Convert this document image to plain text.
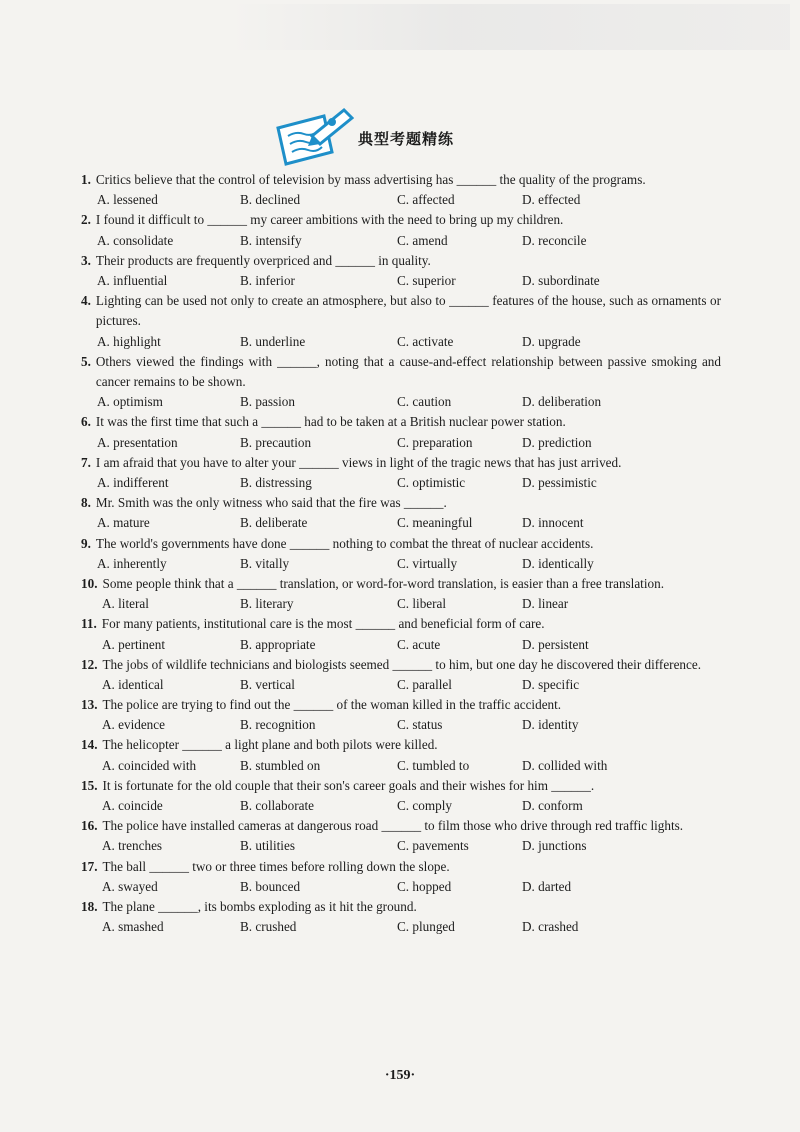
典型考题精练
1. Critics believe that the control of television by mass advertising has ______ the quality of the programs.
A. lessened	B. declined	C. affected	D. effected
2. I found it difficult to ______ my career ambitions with the need to bring up my children.
A. consolidate	B. intensify	C. amend	D. reconcile
3. Their products are frequently overpriced and ______ in quality.
A. influential	B. inferior	C. superior	D. subordinate
4. Lighting can be used not only to create an atmosphere, but also to ______ features of the house, such as ornaments or pictures.
A. highlight	B. underline	C. activate	D. upgrade
5. Others viewed the findings with ______, noting that a cause-and-effect relationship between passive smoking and cancer remains to be shown.
A. optimism	B. passion	C. caution	D. deliberation
6. It was the first time that such a ______ had to be taken at a British nuclear power station.
A. presentation	B. precaution	C. preparation	D. prediction
7. I am afraid that you have to alter your ______ views in light of the tragic news that has just arrived.
A. indifferent	B. distressing	C. optimistic	D. pessimistic
8. Mr. Smith was the only witness who said that the fire was ______.
A. mature	B. deliberate	C. meaningful	D. innocent
9. The world's governments have done ______ nothing to combat the threat of nuclear accidents.
A. inherently	B. vitally	C. virtually	D. identically
10. Some people think that a ______ translation, or word-for-word translation, is easier than a free translation.
A. literal	B. literary	C. liberal	D. linear
11. For many patients, institutional care is the most ______ and beneficial form of care.
A. pertinent	B. appropriate	C. acute	D. persistent
12. The jobs of wildlife technicians and biologists seemed ______ to him, but one day he discovered their difference.
A. identical	B. vertical	C. parallel	D. specific
13. The police are trying to find out the ______ of the woman killed in the traffic accident.
A. evidence	B. recognition	C. status	D. identity
14. The helicopter ______ a light plane and both pilots were killed.
A. coincided with	B. stumbled on	C. tumbled to	D. collided with
15. It is fortunate for the old couple that their son's career goals and their wishes for him ______.
A. coincide	B. collaborate	C. comply	D. conform
16. The police have installed cameras at dangerous road ______ to film those who drive through red traffic lights.
A. trenches	B. utilities	C. pavements	D. junctions
17. The ball ______ two or three times before rolling down the slope.
A. swayed	B. bounced	C. hopped	D. darted
18. The plane ______, its bombs exploding as it hit the ground.
A. smashed	B. crushed	C. plunged	D. crashed
·159·
